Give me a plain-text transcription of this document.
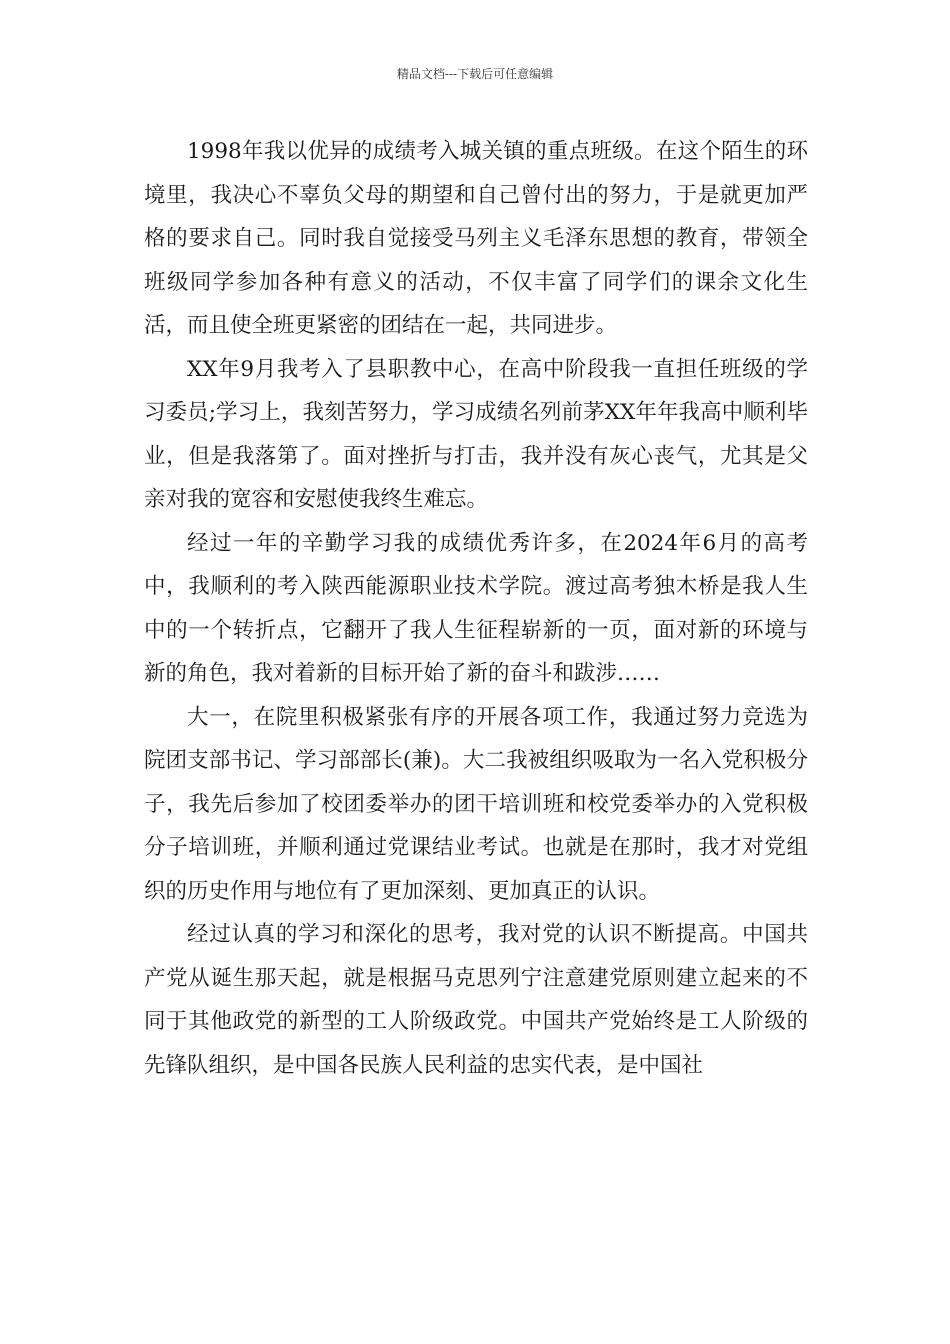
精品文档---下载后可任意编辑

1998年我以优异的成绩考入城关镇的重点班级。在这个陌生的环境里，我决心不辜负父母的期望和自己曾付出的努力，于是就更加严格的要求自己。同时我自觉接受马列主义毛泽东思想的教育，带领全班级同学参加各种有意义的活动，不仅丰富了同学们的课余文化生活，而且使全班更紧密的团结在一起，共同进步。

XX年9月我考入了县职教中心，在高中阶段我一直担任班级的学习委员;学习上，我刻苦努力，学习成绩名列前茅XX年年我高中顺利毕业，但是我落第了。面对挫折与打击，我并没有灰心丧气，尤其是父亲对我的宽容和安慰使我终生难忘。

经过一年的辛勤学习我的成绩优秀许多，在2024年6月的高考中，我顺利的考入陕西能源职业技术学院。渡过高考独木桥是我人生中的一个转折点，它翻开了我人生征程崭新的一页，面对新的环境与新的角色，我对着新的目标开始了新的奋斗和跋涉……

大一，在院里积极紧张有序的开展各项工作，我通过努力竞选为院团支部书记、学习部部长(兼)。大二我被组织吸取为一名入党积极分子，我先后参加了校团委举办的团干培训班和校党委举办的入党积极分子培训班，并顺利通过党课结业考试。也就是在那时，我才对党组织的历史作用与地位有了更加深刻、更加真正的认识。

经过认真的学习和深化的思考，我对党的认识不断提高。中国共产党从诞生那天起，就是根据马克思列宁注意建党原则建立起来的不同于其他政党的新型的工人阶级政党。中国共产党始终是工人阶级的先锋队组织，是中国各民族人民利益的忠实代表，是中国社
